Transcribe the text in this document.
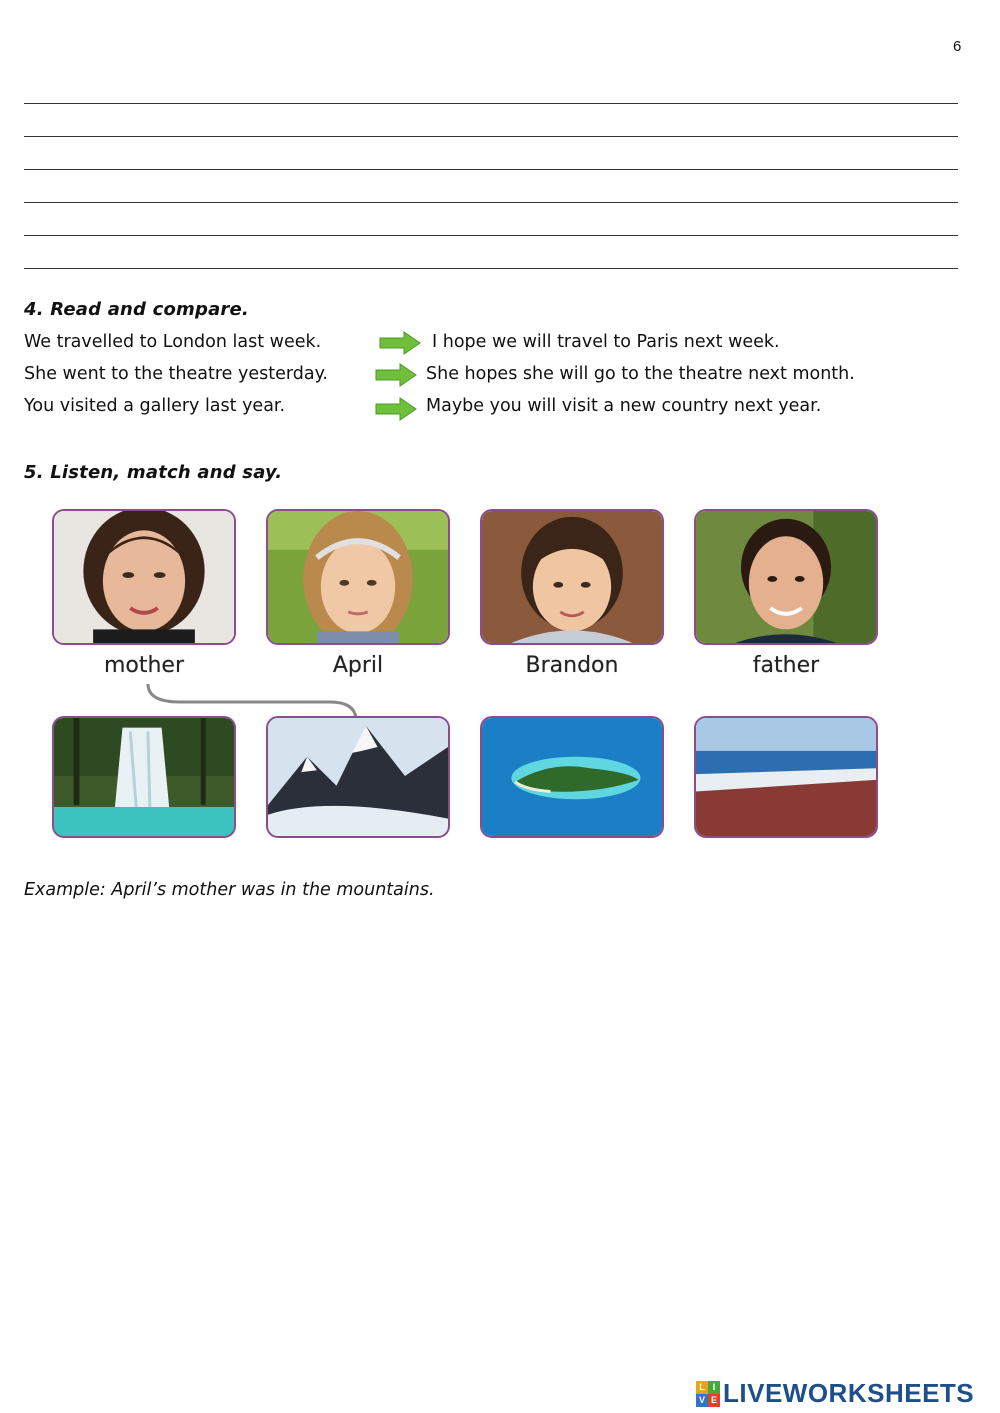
6
4. Read and compare.
We travelled to London last week.	I hope we will travel to Paris next week.
She went to the theatre yesterday.	She hopes she will go to the theatre next month.
You visited a gallery last year.	Maybe you will visit a new country next year.
5. Listen, match and say.
mother	April	Brandon	father
Example: April’s mother was in the mountains.
L I
V E LIVEWORKSHEETS
